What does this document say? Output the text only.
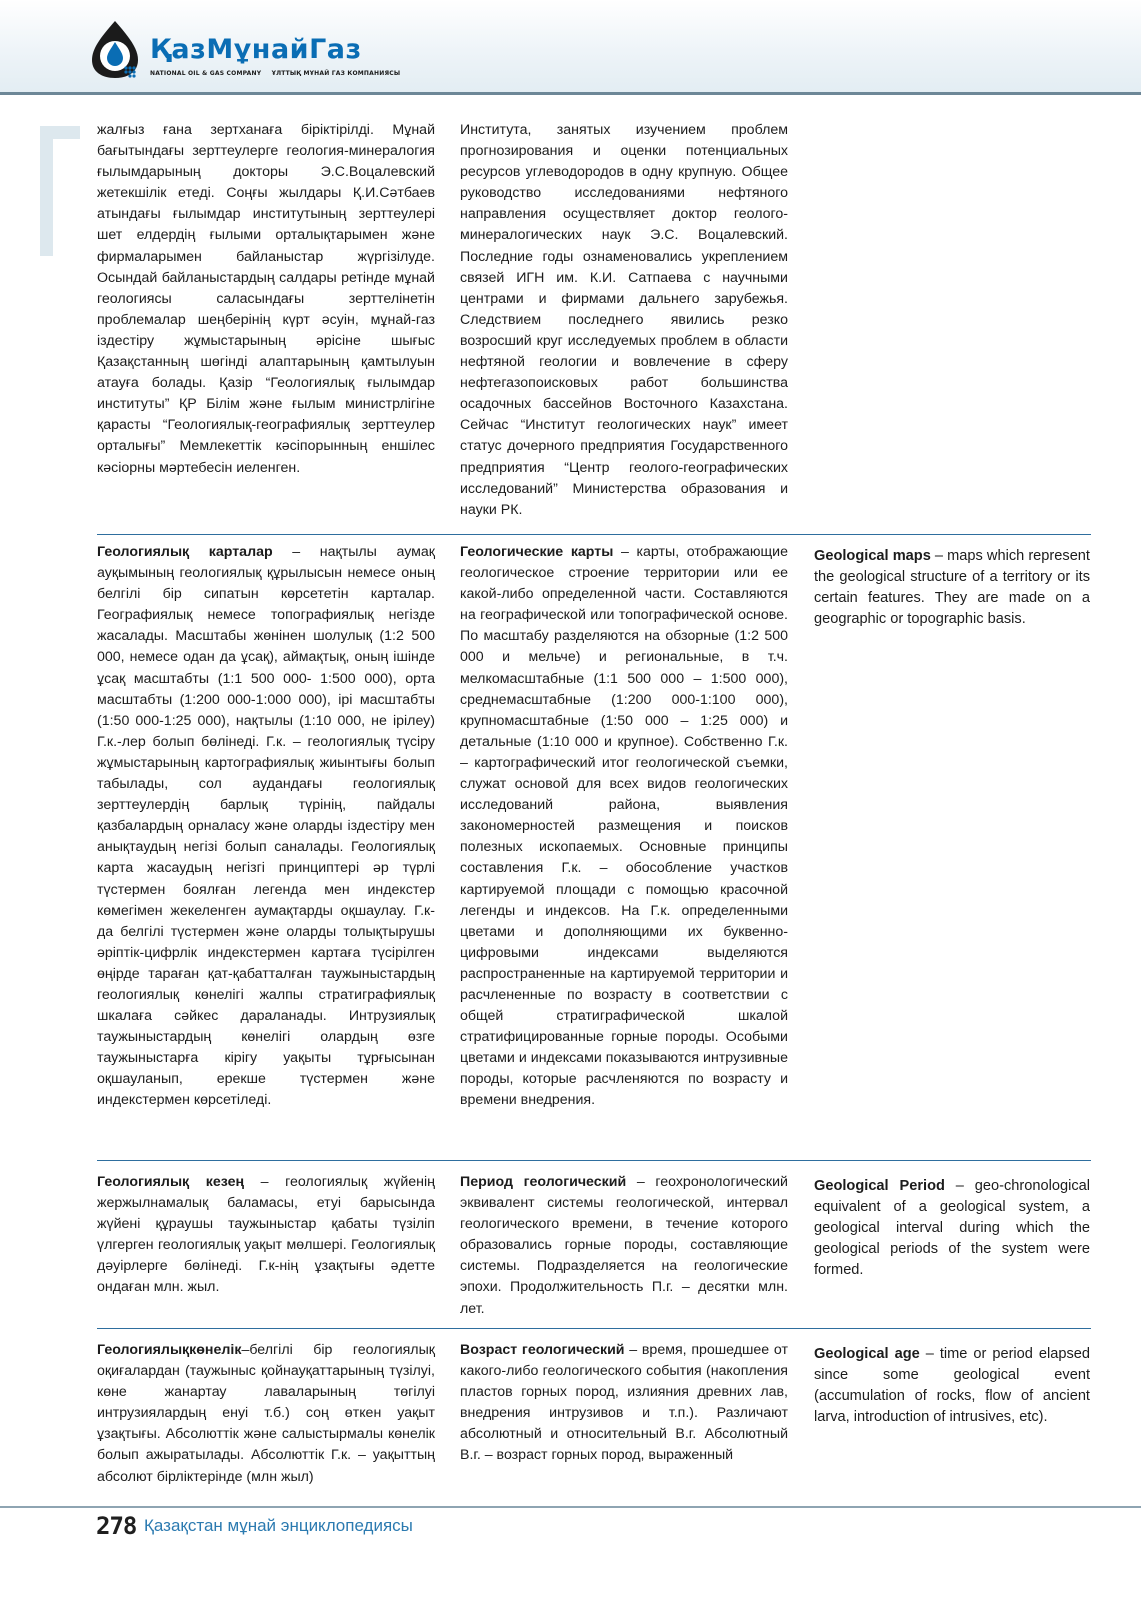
ҚазМұнайГаз
NATIONAL OIL & GAS COMPANY ҰЛТТЫҚ МҰНАЙ ГАЗ КОМПАНИЯСЫ

жалғыз ғана зертханаға біріктірілді. Мұнай бағытындағы зерттеулерге геология-минералогия ғылымдарының докторы Э.С.Воцалевский жетекшілік етеді. Соңғы жылдары Қ.И.Сәтбаев атындағы ғылымдар институтының зерттеулері шет елдердің ғылыми орталықтарымен және фирмаларымен байланыстар жүргізілуде. Осындай байланыстардың салдары ретінде мұнай геологиясы саласындағы зерттелінетін проблемалар шеңберінің күрт әсуін, мұнай-газ іздестіру жұмыстарының әрісіне шығыс Қазақстанның шөгінді алаптарының қамтылуын атауға болады. Қазір “Геологиялық ғылымдар институты” ҚР Білім және ғылым министрлігіне қарасты “Геологиялық-географиялық зерттеулер орталығы” Мемлекеттік кәсіпорынның еншілес кәсіорны мәртебесін иеленген.

Института, занятых изучением проблем прогнозирования и оценки потенциальных ресурсов углеводородов в одну крупную. Общее руководство исследованиями нефтяного направления осуществляет доктор геолого-минералогических наук Э.С. Воцалевский. Последние годы ознаменовались укреплением связей ИГН им. К.И. Сатпаева с научными центрами и фирмами дальнего зарубежья. Следствием последнего явились резко возросший круг исследуемых проблем в области нефтяной геологии и вовлечение в сферу нефтегазопоисковых работ большинства осадочных бассейнов Восточного Казахстана. Сейчас “Институт геологических наук” имеет статус дочерного предприятия Государственного предприятия “Центр геолого-географических исследований” Министерства образования и науки РК.

Геологиялық карталар – нақтылы аумақ ауқымының геологиялық құрылысын немесе оның белгілі бір сипатын көрсететін карталар. Географиялық немесе топографиялық негізде жасалады. Масштабы жөнінен шолулық (1:2 500 000, немесе одан да ұсақ), аймақтық, оның ішінде ұсақ масштабты (1:1 500 000- 1:500 000), орта масштабты (1:200 000-1:000 000), ірі масштабты (1:50 000-1:25 000), нақтылы (1:10 000, не ірілеу) Г.к.-лер болып бөлінеді. Г.к. – геологиялық түсіру жұмыстарының картографиялық жиынтығы болып табылады, сол аудандағы геологиялық зерттеулердің барлық түрінің, пайдалы қазбалардың орналасу және оларды іздестіру мен анықтаудың негізі болып саналады. Геологиялық карта жасаудың негізгі принциптері әр түрлі түстермен боялған легенда мен индекстер көмегімен жекеленген аумақтарды оқшаулау. Г.к-да белгілі түстермен және оларды толықтырушы әріптік-цифрлік индекстермен картаға түсірілген өңірде тараған қат-қабатталған таужыныстардың геологиялық көнелігі жалпы стратиграфиялық шкалаға сәйкес дараланады. Интрузиялық таужыныстардың көнелігі олардың өзге таужыныстарға кірігу уақыты тұрғысынан оқшауланып, ерекше түстермен және индекстермен көрсетіледі.

Геологические карты – карты, отображающие геологическое строение территории или ее какой-либо определенной части. Составляются на географической или топографической основе. По масштабу разделяются на обзорные (1:2 500 000 и мельче) и региональные, в т.ч. мелкомасштабные (1:1 500 000 – 1:500 000), среднемасштабные (1:200 000-1:100 000), крупномасштабные (1:50 000 – 1:25 000) и детальные (1:10 000 и крупное). Собственно Г.к. – картографический итог геологической съемки, служат основой для всех видов геологических исследований района, выявления закономерностей размещения и поисков полезных ископаемых. Основные принципы составления Г.к. – обособление участков картируемой площади с помощью красочной легенды и индексов. На Г.к. определенными цветами и дополняющими их буквенно-цифровыми индексами выделяются распространенные на картируемой территории и расчлененные по возрасту в соответствии с общей стратиграфической шкалой стратифицированные горные породы. Особыми цветами и индексами показываются интрузивные породы, которые расчленяются по возрасту и времени внедрения.

Geological maps – maps which represent the geological structure of a territory or its certain features. They are made on a geographic or topographic basis.

Геологиялық кезең – геологиялық жүйенің жержылнамалық баламасы, етуі барысында жүйені құраушы таужыныстар қабаты түзіліп үлгерген геологиялық уақыт мөлшері. Геологиялық дәуірлерге бөлінеді. Г.к-нің ұзақтығы әдетте ондаған млн. жыл.

Период геологический – геохронологический эквивалент системы геологической, интервал геологического времени, в течение которого образовались горные породы, составляющие системы. Подразделяется на геологические эпохи. Продолжительность П.г. – десятки млн. лет.

Geological Period – geo-chronological equivalent of a geological system, a geological interval during which the geological periods of the system were formed.

Геологиялықкөнелік–белгілі бір геологиялық оқиғалардан (таужыныс қойнауқаттарының түзілуі, көне жанартау лаваларының төгілуі интрузиялардың енуі т.б.) соң өткен уақыт ұзақтығы. Абсолюттік және салыстырмалы көнелік болып ажыратылады. Абсолюттік Г.к. – уақыттың абсолют бірліктерінде (млн жыл)

Возраст геологический – время, прошедшее от какого-либо геологического события (накопления пластов горных пород, излияния древних лав, внедрения интрузивов и т.п.). Различают абсолютный и относительный В.г. Абсолютный В.г. – возраст горных пород, выраженный

Geological age – time or period elapsed since some geological event (accumulation of rocks, flow of ancient larva, introduction of intrusives, etc).

278 Қазақстан мұнай энциклопедиясы
